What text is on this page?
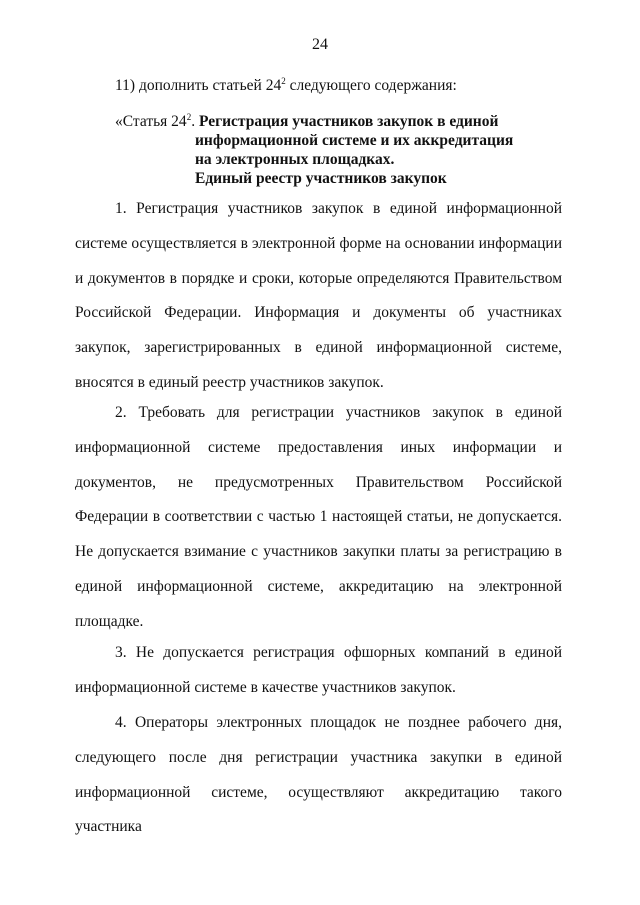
24
11) дополнить статьей $24^2$ следующего содержания:
«Статья $24^2$. Регистрация участников закупок в единой
информационной системе и их аккредитация
на электронных площадках.
Единый реестр участников закупок

1. Регистрация участников закупок в единой информационной системе осуществляется в электронной форме на основании информации и документов в порядке и сроки, которые определяются Правительством Российской Федерации. Информация и документы об участниках закупок, зарегистрированных в единой информационной системе, вносятся в единый реестр участников закупок.

2. Требовать для регистрации участников закупок в единой информационной системе предоставления иных информации и документов, не предусмотренных Правительством Российской Федерации в соответствии с частью 1 настоящей статьи, не допускается. Не допускается взимание с участников закупки платы за регистрацию в единой информационной системе, аккредитацию на электронной площадке.

3. Не допускается регистрация офшорных компаний в единой информационной системе в качестве участников закупок.

4. Операторы электронных площадок не позднее рабочего дня, следующего после дня регистрации участника закупки в единой информационной системе, осуществляют аккредитацию такого участника
